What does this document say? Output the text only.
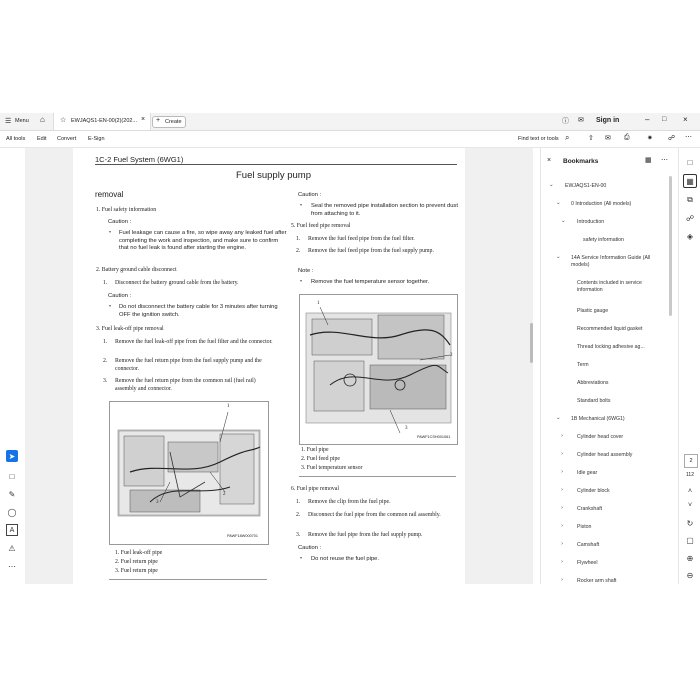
☰ Menu ⌂ ☆ EWJAQS1-EN-00(2)(202... × + Create	ⓘ ✉ Sign in	– □ ×
All tools Edit Convert E-Sign	Find text or tools ⌕	⇧ ✉ ⎙ ✷ ☍ ⋯
➤
□
✎
◯
A
⚠
⋯
1C-2 Fuel System (6WG1)
Fuel supply pump
removal
1. Fuel safety information
Caution :
• Fuel leakage can cause a fire, so wipe away any leaked fuel after completing the work and inspection, and make sure to confirm that no fuel leak is found after starting the engine.
2. Battery ground cable disconnect
1. Disconnect the battery ground cable from the battery.
Caution :
• Do not disconnect the battery cable for 3 minutes after turning OFF the ignition switch.
3. Fuel leak-off pipe removal
1. Remove the fuel leak-off pipe from the fuel filter and the connector.
2. Remove the fuel return pipe from the fuel supply pump and the connector.
3. Remove the fuel return pipe from the common rail (fuel rail) assembly and connector.
1
2
3
PAWF18W000701
1. Fuel leak-off pipe
2. Fuel return pipe
3. Fuel return pipe
Caution :
• Seal the removed pipe installation section to prevent dust from attaching to it.
5. Fuel feed pipe removal
1. Remove the fuel feed pipe from the fuel filter.
2. Remove the fuel feed pipe from the fuel supply pump.
Note :
• Remove the fuel temperature sensor together.
1
2
3
PAWF1CSH001061
1. Fuel pipe
2. Fuel feed pipe
3. Fuel temperature sensor
6. Fuel pipe removal
1. Remove the clip from the fuel pipe.
2. Disconnect the fuel pipe from the common rail assembly.
3. Remove the fuel pipe from the fuel supply pump.
Caution :
• Do not reuse the fuel pipe.
× Bookmarks	▦ ⋯
⌄ EWJAQS1-EN-00
⌄ 0 Introduction (All models)
⌄ Introduction
safety information
⌄ 14A Service Information Guide (All models)
Contents included in service information
Plastic gauge
Recommended liquid gasket
Thread locking adhesive ag...
Term
Abbreviations
Standard bolts
⌄ 1B Mechanical (6WG1)
›	Cylinder head cover
›	Cylinder head assembly
›	Idle gear
›	Cylinder block
›	Crankshaft
›	Piston
›	Camshaft
›	Flywheel
›	Rocker arm shaft
□
▦
⧉
☍
◈
2
112
˄
˅
↻
▢
⊕
⊖
